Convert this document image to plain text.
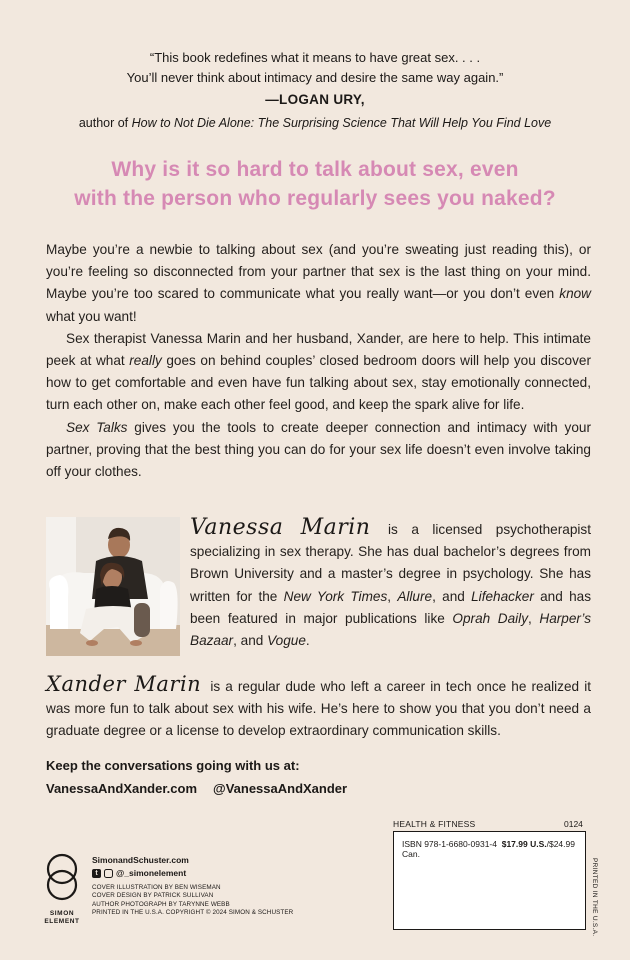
“This book redefines what it means to have great sex. . . .
You’ll never think about intimacy and desire the same way again.”
—LOGAN URY,
author of How to Not Die Alone: The Surprising Science That Will Help You Find Love
Why is it so hard to talk about sex, even
with the person who regularly sees you naked?

Maybe you’re a newbie to talking about sex (and you’re sweating just reading this), or you’re feeling so disconnected from your partner that sex is the last thing on your mind. Maybe you’re too scared to communicate what you really want—or you don’t even know what you want!

Sex therapist Vanessa Marin and her husband, Xander, are here to help. This intimate peek at what really goes on behind couples’ closed bedroom doors will help you discover how to get comfortable and even have fun talking about sex, stay emotionally connected, turn each other on, make each other feel good, and keep the spark alive for life.

Sex Talks gives you the tools to create deeper connection and intimacy with your partner, proving that the best thing you can do for your sex life doesn’t even involve taking off your clothes.

Vanessa Marin is a licensed psychotherapist specializing in sex therapy. She has dual bachelor’s degrees from Brown University and a master’s degree in psychology. She has written for the New York Times, Allure, and Lifehacker and has been featured in major publications like Oprah Daily, Harper’s Bazaar, and Vogue.
Xander Marin is a regular dude who left a career in tech once he realized it was more fun to talk about sex with his wife. He’s here to show you that you don’t need a graduate degree or a license to develop extraordinary communication skills.
Keep the conversations going with us at:
VanessaAndXander.com @VanessaAndXander
SIMON
ELEMENT
SimonandSchuster.com
t	@_simonelement
COVER ILLUSTRATION BY BEN WISEMAN
COVER DESIGN BY PATRICK SULLIVAN
AUTHOR PHOTOGRAPH BY TARYNNE WEBB
PRINTED IN THE U.S.A. COPYRIGHT © 2024 SIMON & SCHUSTER
HEALTH & FITNESS	0124
ISBN 978-1-6680-0931-4 $17.99 U.S./$24.99 Can.
PRINTED IN THE U.S.A.
